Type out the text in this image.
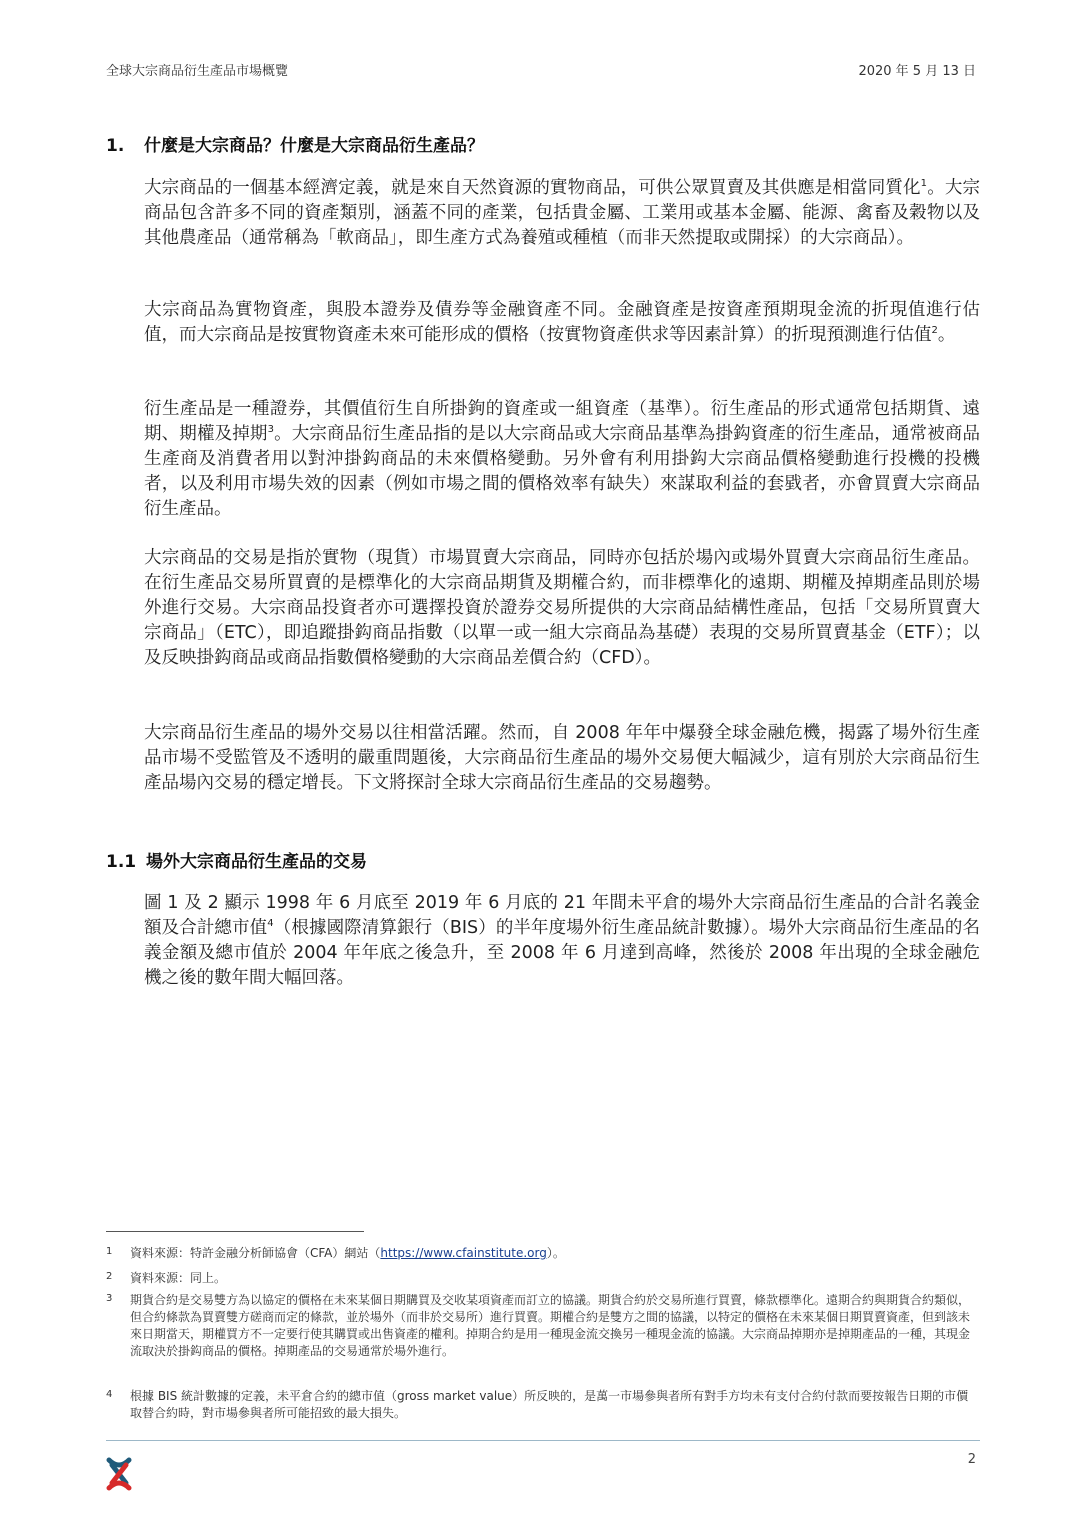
全球大宗商品衍生產品市場概覽	2020 年 5 月 13 日
1. 什麼是大宗商品？什麼是大宗商品衍生產品？

大宗商品的一個基本經濟定義，就是來自天然資源的實物商品，可供公眾買賣及其供應是相當同質化$^1$。大宗商品包含許多不同的資產類別，涵蓋不同的產業，包括貴金屬、工業用或基本金屬、能源、禽畜及穀物以及其他農產品（通常稱為「軟商品」，即生產方式為養殖或種植（而非天然提取或開採）的大宗商品）。

大宗商品為實物資產，與股本證券及債券等金融資產不同。金融資產是按資產預期現金流的折現值進行估值，而大宗商品是按實物資產未來可能形成的價格（按實物資產供求等因素計算）的折現預測進行估值$^2$。

衍生產品是一種證券，其價值衍生自所掛鉤的資產或一組資產（基準）。衍生產品的形式通常包括期貨、遠期、期權及掉期$^3$。大宗商品衍生產品指的是以大宗商品或大宗商品基準為掛鈎資產的衍生產品，通常被商品生產商及消費者用以對沖掛鈎商品的未來價格變動。另外會有利用掛鈎大宗商品價格變動進行投機的投機者，以及利用市場失效的因素（例如市場之間的價格效率有缺失）來謀取利益的套戥者，亦會買賣大宗商品衍生產品。

大宗商品的交易是指於實物（現貨）市場買賣大宗商品，同時亦包括於場內或場外買賣大宗商品衍生產品。在衍生產品交易所買賣的是標準化的大宗商品期貨及期權合約，而非標準化的遠期、期權及掉期產品則於場外進行交易。大宗商品投資者亦可選擇投資於證券交易所提供的大宗商品結構性產品，包括「交易所買賣大宗商品」（ETC），即追蹤掛鈎商品指數（以單一或一組大宗商品為基礎）表現的交易所買賣基金（ETF）；以及反映掛鈎商品或商品指數價格變動的大宗商品差價合約（CFD）。

大宗商品衍生產品的場外交易以往相當活躍。然而，自 2008 年年中爆發全球金融危機，揭露了場外衍生產品市場不受監管及不透明的嚴重問題後，大宗商品衍生產品的場外交易便大幅減少，這有別於大宗商品衍生產品場內交易的穩定增長。下文將探討全球大宗商品衍生產品的交易趨勢。

1.1 場外大宗商品衍生產品的交易

圖 1 及 2 顯示 1998 年 6 月底至 2019 年 6 月底的 21 年間未平倉的場外大宗商品衍生產品的合計名義金額及合計總市值$^4$（根據國際清算銀行（BIS）的半年度場外衍生產品統計數據）。場外大宗商品衍生產品的名義金額及總市值於 2004 年年底之後急升，至 2008 年 6 月達到高峰，然後於 2008 年出現的全球金融危機之後的數年間大幅回落。

1	資料來源：特許金融分析師協會（CFA）網站（https://www.cfainstitute.org）。
2	資料來源：同上。
3	期貨合約是交易雙方為以協定的價格在未來某個日期購買及交收某項資產而訂立的協議。期貨合約於交易所進行買賣，條款標準化。遠期合約與期貨合約類似，但合約條款為買賣雙方磋商而定的條款，並於場外（而非於交易所）進行買賣。期權合約是雙方之間的協議，以特定的價格在未來某個日期買賣資產，但到該未來日期當天，期權買方不一定要行使其購買或出售資產的權利。掉期合約是用一種現金流交換另一種現金流的協議。大宗商品掉期亦是掉期產品的一種，其現金流取決於掛鈎商品的價格。掉期產品的交易通常於場外進行。
4	根據 BIS 統計數據的定義，未平倉合約的總市值（gross market value）所反映的，是萬一市場參與者所有對手方均未有支付合約付款而要按報告日期的市價取替合約時，對市場參與者所可能招致的最大損失。
2
